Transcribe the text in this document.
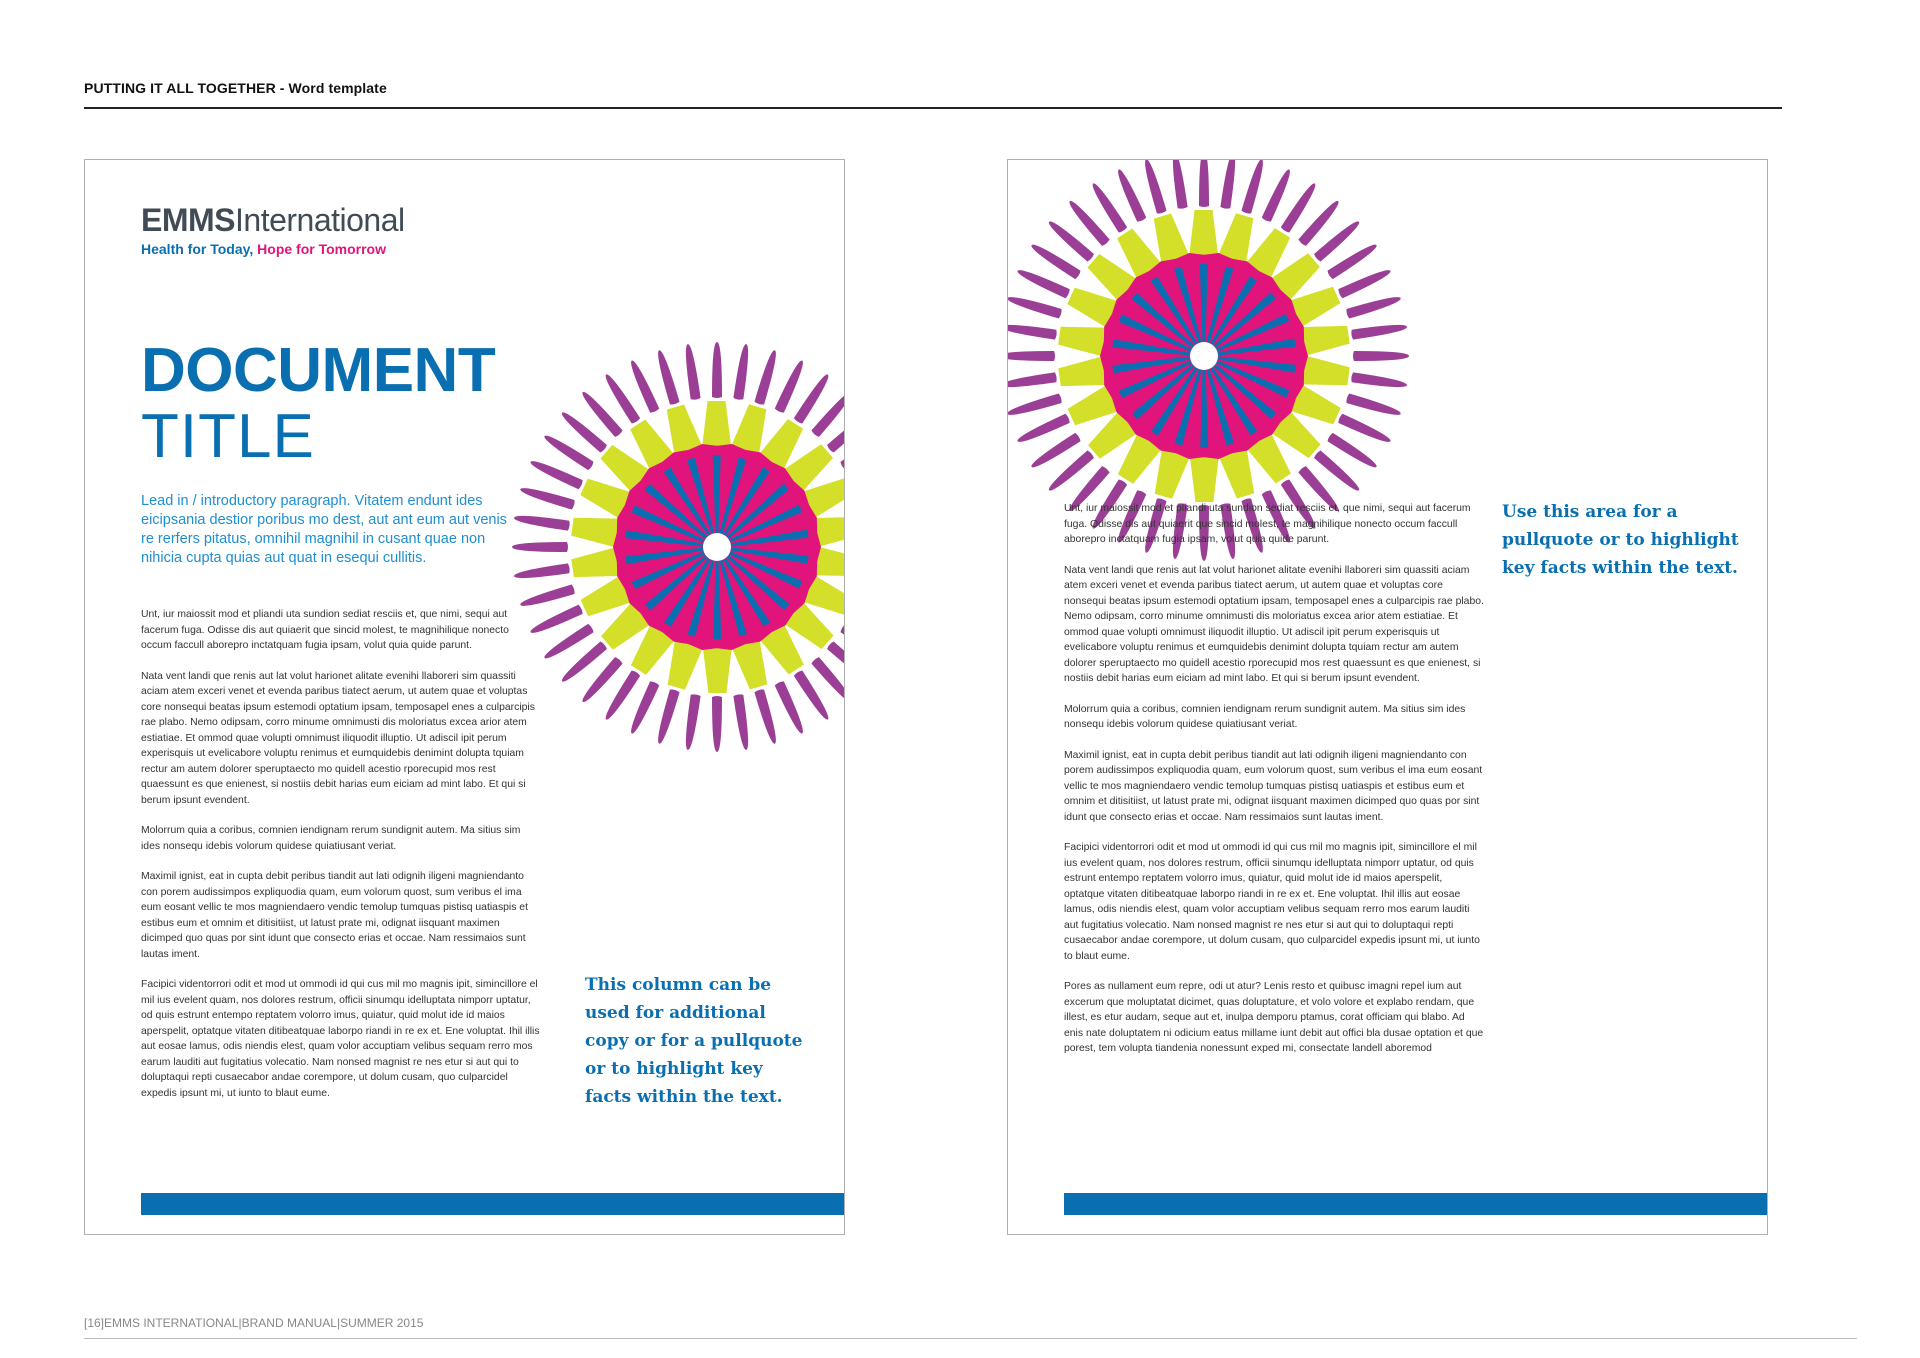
PUTTING IT ALL TOGETHER - Word template
EMMSInternational
Health for Today, Hope for Tomorrow
DOCUMENT
TITLE
Lead in / introductory paragraph. Vitatem endunt ides eicipsania destior poribus mo dest, aut ant eum aut venis re rerfers pitatus, omnihil magnihil in cusant quae non nihicia cupta quias aut quat in esequi cullitis.

Unt, iur maiossit mod et pliandi uta sundion sediat resciis et, que nimi, sequi aut facerum fuga. Odisse dis aut quiaerit que sincid molest, te magnihilique nonecto occum faccull aborepro inctatquam fugia ipsam, volut quia quide parunt.

Nata vent landi que renis aut lat volut harionet alitate evenihi llaboreri sim quassiti aciam atem exceri venet et evenda paribus tiatect aerum, ut autem quae et voluptas core nonsequi beatas ipsum estemodi optatium ipsam, temposapel enes a culparcipis rae plabo. Nemo odipsam, corro minume omnimusti dis moloriatus excea arior atem estiatiae. Et ommod quae volupti omnimust iliquodit illuptio. Ut adiscil ipit perum experisquis ut evelicabore voluptu renimus et eumquidebis denimint dolupta tquiam rectur am autem dolorer speruptaecto mo quidell acestio rporecupid mos rest quaessunt es que enienest, si nostiis debit harias eum eiciam ad mint labo. Et qui si berum ipsunt evendent.

Molorrum quia a coribus, comnien iendignam rerum sundignit autem. Ma sitius sim ides nonsequ idebis volorum quidese quiatiusant veriat.

Maximil ignist, eat in cupta debit peribus tiandit aut lati odignih iligeni magniendanto con porem audissimpos expliquodia quam, eum volorum quost, sum veribus el ima eum eosant vellic te mos magniendaero vendic temolup tumquas pistisq uatiaspis et estibus eum et omnim et ditisitiist, ut latust prate mi, odignat iisquant maximen dicimped quo quas por sint idunt que consecto erias et occae. Nam ressimaios sunt lautas iment.

Facipici videntorrori odit et mod ut ommodi id qui cus mil mo magnis ipit, simincillore el mil ius evelent quam, nos dolores restrum, officii sinumqu idelluptata nimporr uptatur, od quis estrunt entempo reptatem volorro imus, quiatur, quid molut ide id maios aperspelit, optatque vitaten ditibeatquae laborpo riandi in re ex et. Ene voluptat. Ihil illis aut eosae lamus, odis niendis elest, quam volor accuptiam velibus sequam rerro mos earum lauditi aut fugitatius volecatio. Nam nonsed magnist re nes etur si aut qui to doluptaqui repti cusaecabor andae corempore, ut dolum cusam, quo culparcidel expedis ipsunt mi, ut iunto to blaut eume.

This column can be used for additional copy or for a pullquote or to highlight key facts within the text.

Unt, iur maiossit mod et pliandi uta sundion sediat resciis et, que nimi, sequi aut facerum fuga. Odisse dis aut quiaerit que sincid molest, te magnihilique nonecto occum faccull aborepro inctatquam fugia ipsam, volut quia quide parunt.

Nata vent landi que renis aut lat volut harionet alitate evenihi llaboreri sim quassiti aciam atem exceri venet et evenda paribus tiatect aerum, ut autem quae et voluptas core nonsequi beatas ipsum estemodi optatium ipsam, temposapel enes a culparcipis rae plabo. Nemo odipsam, corro minume omnimusti dis moloriatus excea arior atem estiatiae. Et ommod quae volupti omnimust iliquodit illuptio. Ut adiscil ipit perum experisquis ut evelicabore voluptu renimus et eumquidebis denimint dolupta tquiam rectur am autem dolorer speruptaecto mo quidell acestio rporecupid mos rest quaessunt es que enienest, si nostiis debit harias eum eiciam ad mint labo. Et qui si berum ipsunt evendent.

Molorrum quia a coribus, comnien iendignam rerum sundignit autem. Ma sitius sim ides nonsequ idebis volorum quidese quiatiusant veriat.

Maximil ignist, eat in cupta debit peribus tiandit aut lati odignih iligeni magniendanto con porem audissimpos expliquodia quam, eum volorum quost, sum veribus el ima eum eosant vellic te mos magniendaero vendic temolup tumquas pistisq uatiaspis et estibus eum et omnim et ditisitiist, ut latust prate mi, odignat iisquant maximen dicimped quo quas por sint idunt que consecto erias et occae. Nam ressimaios sunt lautas iment.

Facipici videntorrori odit et mod ut ommodi id qui cus mil mo magnis ipit, simincillore el mil ius evelent quam, nos dolores restrum, officii sinumqu idelluptata nimporr uptatur, od quis estrunt entempo reptatem volorro imus, quiatur, quid molut ide id maios aperspelit, optatque vitaten ditibeatquae laborpo riandi in re ex et. Ene voluptat. Ihil illis aut eosae lamus, odis niendis elest, quam volor accuptiam velibus sequam rerro mos earum lauditi aut fugitatius volecatio. Nam nonsed magnist re nes etur si aut qui to doluptaqui repti cusaecabor andae corempore, ut dolum cusam, quo culparcidel expedis ipsunt mi, ut iunto to blaut eume.

Pores as nullament eum repre, odi ut atur? Lenis resto et quibusc imagni repel ium aut excerum que moluptatat dicimet, quas doluptature, et volo volore et explabo rendam, que illest, es etur audam, seque aut et, inulpa demporu ptamus, corat officiam qui blabo. Ad enis nate doluptatem ni odicium eatus millame iunt debit aut offici bla dusae optation et que porest, tem volupta tiandenia nonessunt exped mi, consectate landell aboremod

Use this area for a pullquote or to highlight key facts within the text.
[16]EMMS INTERNATIONAL|BRAND MANUAL|SUMMER 2015
